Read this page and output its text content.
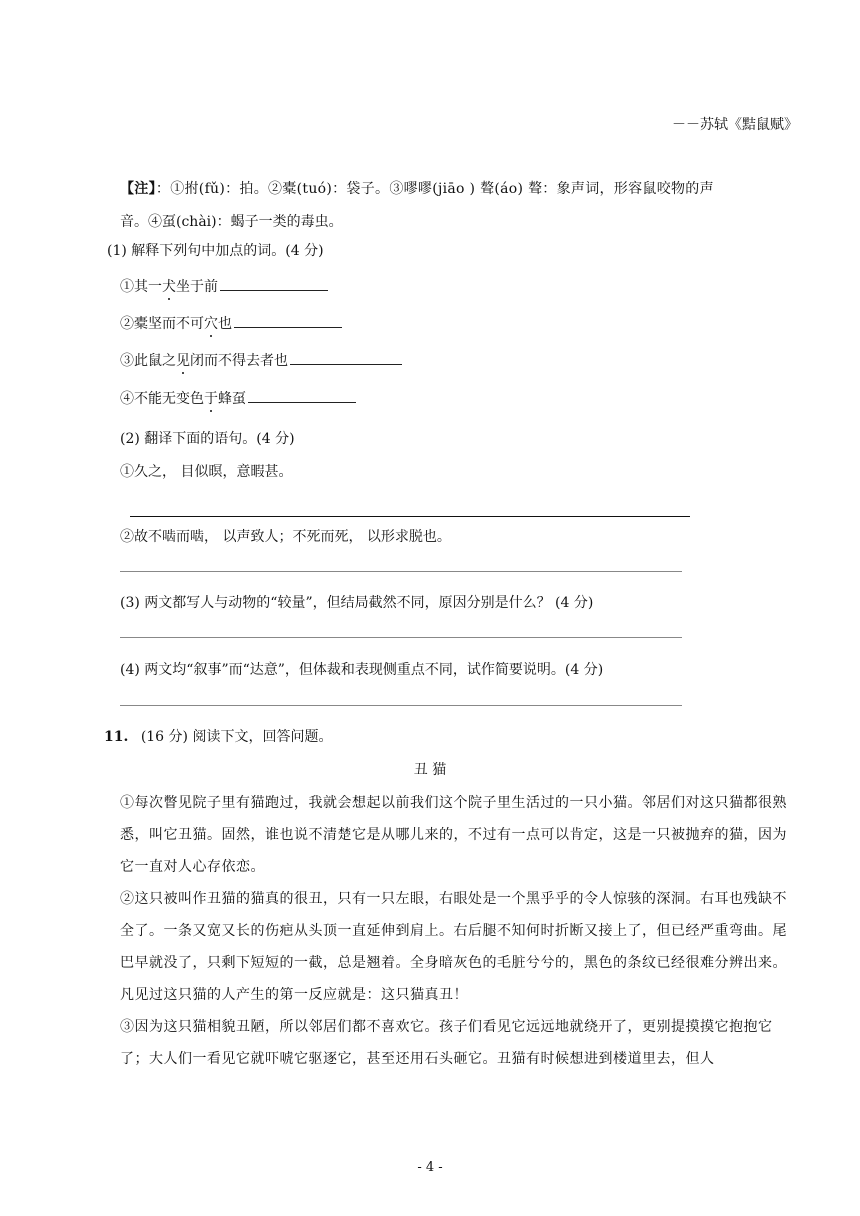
－－苏轼《黠鼠赋》
【注】：①拊(fǔ)：拍。②橐(tuó)：袋子。③嘐嘐(jiāo ) 聱(áo) 聱：象声词，形容鼠咬物的声
音。④虿(chài)：蝎子一类的毒虫。
(1) 解释下列句中加点的词。(4 分)
①其一犬坐于前
②橐坚而不可穴也
③此鼠之见闭而不得去者也
④不能无变色于蜂虿
(2) 翻译下面的语句。(4 分)
①久之， 目似暝，意暇甚。
②故不啮而啮， 以声致人；不死而死， 以形求脱也。
(3) 两文都写人与动物的“较量”，但结局截然不同，原因分别是什么？ (4 分)
(4) 两文均“叙事”而“达意”，但体裁和表现侧重点不同，试作简要说明。(4 分)
11. (16 分) 阅读下文，回答问题。
丑 猫
①每次瞥见院子里有猫跑过，我就会想起以前我们这个院子里生活过的一只小猫。邻居们对这只猫都很熟悉，叫它丑猫。固然，谁也说不清楚它是从哪儿来的，不过有一点可以肯定，这是一只被抛弃的猫，因为它一直对人心存依恋。
②这只被叫作丑猫的猫真的很丑，只有一只左眼，右眼处是一个黑乎乎的令人惊骇的深洞。右耳也残缺不全了。一条又宽又长的伤疤从头顶一直延伸到肩上。右后腿不知何时折断又接上了，但已经严重弯曲。尾巴早就没了，只剩下短短的一截，总是翘着。全身暗灰色的毛脏兮兮的，黑色的条纹已经很难分辨出来。凡见过这只猫的人产生的第一反应就是：这只猫真丑！
③因为这只猫相貌丑陋，所以邻居们都不喜欢它。孩子们看见它远远地就绕开了，更别提摸摸它抱抱它了；大人们一看见它就吓唬它驱逐它，甚至还用石头砸它。丑猫有时候想进到楼道里去，但人
- 4 -
